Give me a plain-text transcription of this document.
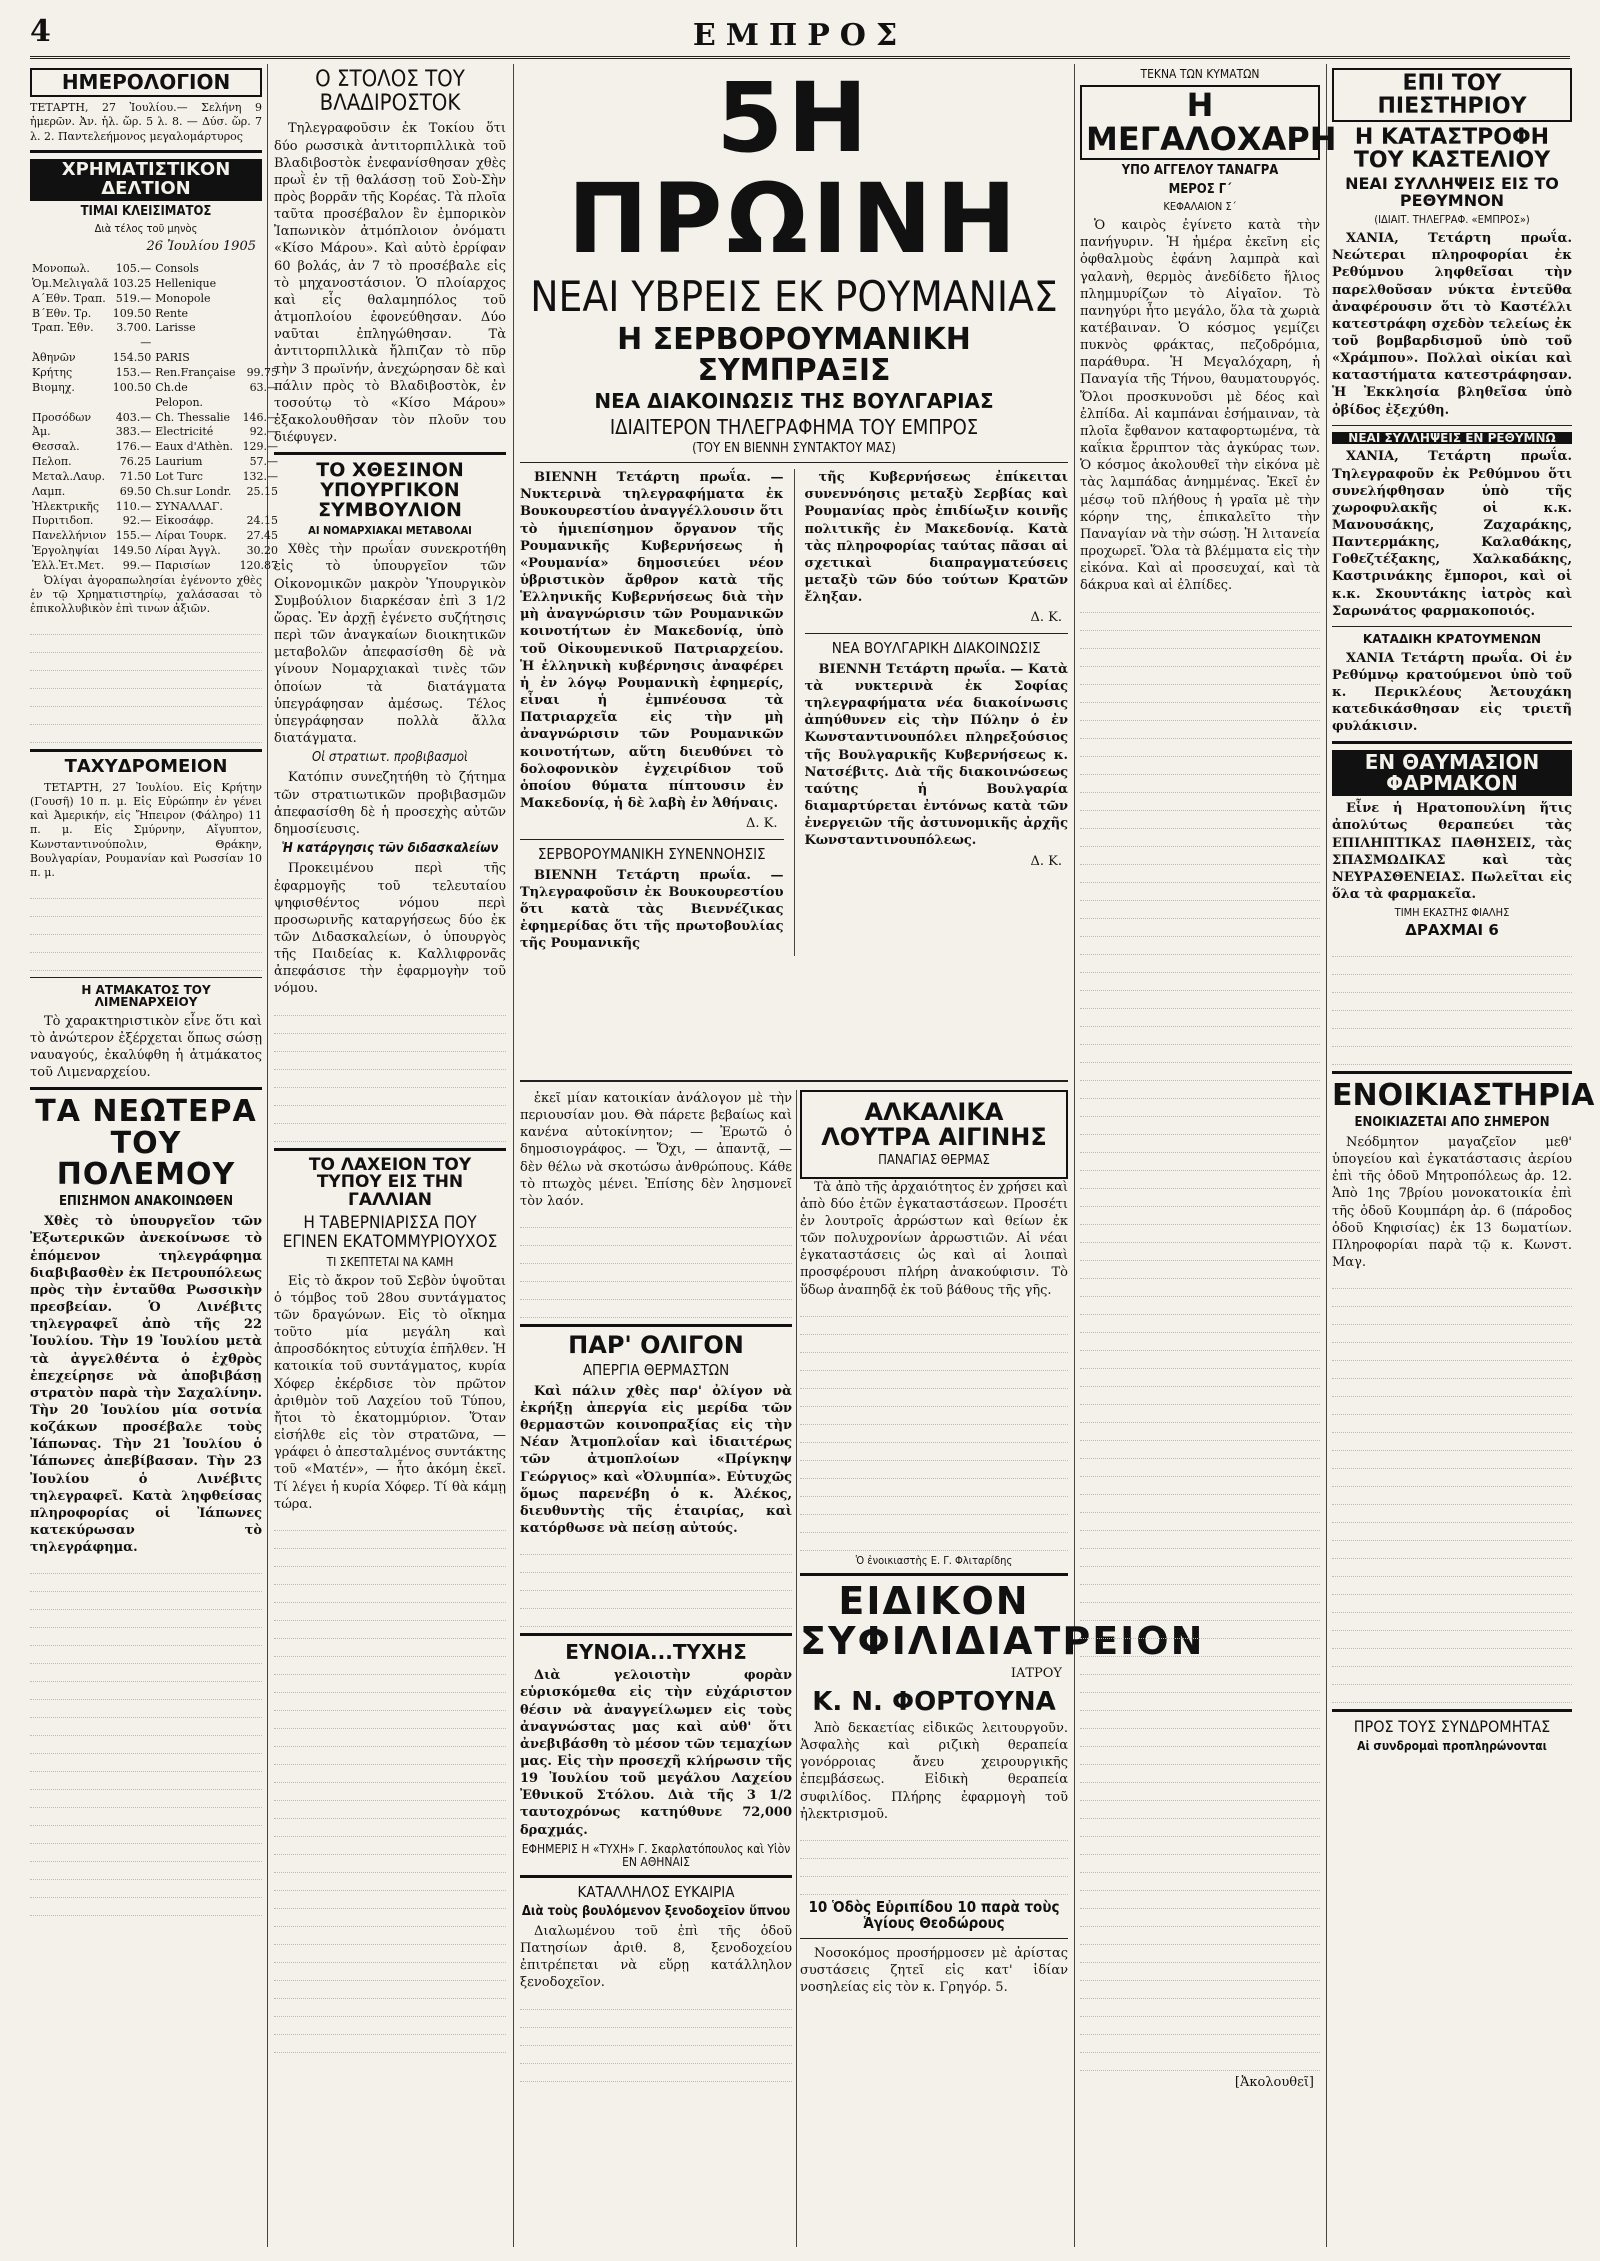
4	ΕΜΠΡΟΣ
ΗΜΕΡΟΛΟΓΙΟΝ
ΤΕΤΑΡΤΗ, 27 Ἰουλίου.— Σελήνη 9 ἡμερῶν. Ἀν. ἡλ. ὥρ. 5 λ. 8. — Δύσ. ὥρ. 7 λ. 2. Παντελεήμονος μεγαλομάρτυρος
ΧΡΗΜΑΤΙΣΤΙΚΟΝ ΔΕΛΤΙΟΝ
ΤΙΜΑΙ ΚΛΕΙΣΙΜΑΤΟΣ
Διὰ τέλος τοῦ μηνὸς
26 Ἰουλίου 1905
Μονοπωλ.	105.—	Consols	
Ὁμ.Μελιγαλᾶ	103.25	Hellenique	
Α΄Εθν. Τραπ.	519.—	Monopole	
Β΄Εθν. Τρ.	109.50	Rente	
Τραπ. Ἐθν.	3.700.—	Larisse	
Ἀθηνῶν	154.50	PARIS	
Κρήτης	153.—	Ren.Française	99.75
Βιομηχ.	100.50	Ch.de Pelopon.	63.—
Προσόδων	403.—	Ch. Thessalie	146.—
Ἀμ.	383.—	Electricité	92.—
Θεσσαλ.	176.—	Eaux d'Athèn.	129.—
Πελοπ.	76.25	Laurium	57.—
Μεταλ.Λαυρ.	71.50	Lot Turc	132.—
Λαμπ.	69.50	Ch.sur Londr.	25.15
Ἠλεκτρικῆς	110.—	ΣΥΝΑΛΛΑΓ.	
Πυριτιδοπ.	92.—	Εἰκοσάφρ.	24.15
Πανελλήνιον	155.—	Λίραι Τουρκ.	27.45
Ἐργοληψίαι	149.50	Λίραι Ἀγγλ.	30.20
Ἑλλ.Ἐτ.Μετ.	99.—	Παρισίων	120.87
Ὀλίγαι ἀγοραπωλησίαι ἐγένοντο χθὲς ἐν τῷ Χρηματιστηρίῳ, χαλάσασαι τὸ ἐπικολλυβικὸν ἐπὶ τινων ἀξιῶν.
ΤΑΧΥΔΡΟΜΕΙΟΝ
ΤΕΤΑΡΤΗ, 27 Ἰουλίου. Εἰς Κρήτην (Γουσῆ) 10 π. μ. Εἰς Εὐρώπην ἐν γένει καὶ Ἀμερικήν, εἰς Ἤπειρον (Φάληρο) 11 π. μ. Εἰς Σμύρνην, Αἴγυπτον, Κωνσταντινούπολιν, Θράκην, Βουλγαρίαν, Ρουμανίαν καὶ Ρωσσίαν 10 π. μ.
Η ΑΤΜΑΚΑΤΟΣ ΤΟΥ ΛΙΜΕΝΑΡΧΕΙΟΥ
Τὸ χαρακτηριστικὸν εἶνε ὅτι καὶ τὸ ἀνώτερον ἐξέρχεται ὅπως σώσῃ ναυαγούς, ἐκαλύφθη ἡ ἀτμάκατος τοῦ Λιμεναρχείου.
ΤΑ ΝΕΩΤΕΡΑ ΤΟΥ ΠΟΛΕΜΟΥ
ΕΠΙΣΗΜΟΝ ΑΝΑΚΟΙΝΩΘΕΝ
Χθὲς τὸ ὑπουργεῖον τῶν Ἐξωτερικῶν ἀνεκοίνωσε τὸ ἑπόμενον τηλεγράφημα διαβιβασθὲν ἐκ Πετρουπόλεως πρὸς τὴν ἐνταῦθα Ρωσσικὴν πρεσβείαν. Ὁ Λινέβιτς τηλεγραφεῖ ἀπὸ τῆς 22 Ἰουλίου. Τὴν 19 Ἰουλίου μετὰ τὰ ἀγγελθέντα ὁ ἐχθρὸς ἐπεχείρησε νὰ ἀποβιβάσῃ στρατὸν παρὰ τὴν Σαχαλίνην. Τὴν 20 Ἰουλίου μία σοτνία κοζάκων προσέβαλε τοὺς Ἰάπωνας. Τὴν 21 Ἰουλίου ὁ Ἰάπωνες ἀπεβίβασαν. Τὴν 23 Ἰουλίου ὁ Λινέβιτς τηλεγραφεῖ. Κατὰ ληφθείσας πληροφορίας οἱ Ἰάπωνες κατεκύρωσαν τὸ τηλεγράφημα.
Ο ΣΤΟΛΟΣ ΤΟΥ ΒΛΑΔΙΡΟΣΤΟΚ
Τηλεγραφοῦσιν ἐκ Τοκίου ὅτι δύο ρωσσικὰ ἀντιτορπιλλικὰ τοῦ Βλαδιβοστὸκ ἐνεφανίσθησαν χθὲς πρωῒ ἐν τῇ θαλάσσῃ τοῦ Σοὺ-Σὴν πρὸς βορρᾶν τῆς Κορέας. Τὰ πλοῖα ταῦτα προσέβαλον ἓν ἐμπορικὸν Ἰαπωνικὸν ἀτμόπλοιον ὀνόματι «Κίσο Μάρου». Καὶ αὐτὸ ἐρρίφαν 60 βολάς, ἀν 7 τὸ προσέβαλε εἰς τὸ μηχανοστάσιον. Ὁ πλοίαρχος καὶ εἷς θαλαμηπόλος τοῦ ἀτμοπλοίου ἐφονεύθησαν. Δύο ναῦται ἐπληγώθησαν. Τὰ ἀντιτορπιλλικὰ ἤλπιζαν τὸ πῦρ τὴν 3 πρωϊνήν, ἀνεχώρησαν δὲ καὶ πάλιν πρὸς τὸ Βλαδιβοστὸκ, ἐν τοσούτῳ τὸ «Κίσο Μάρου» ἐξακολουθῆσαν τὸν πλοῦν του διέφυγεν.
ΤΟ ΧΘΕΣΙΝΟΝ ΥΠΟΥΡΓΙΚΟΝ ΣΥΜΒΟΥΛΙΟΝ
ΑΙ ΝΟΜΑΡΧΙΑΚΑΙ ΜΕΤΑΒΟΛΑΙ
Χθὲς τὴν πρωΐαν συνεκροτήθη εἰς τὸ ὑπουργεῖον τῶν Οἰκονομικῶν μακρὸν Ὑπουργικὸν Συμβούλιον διαρκέσαν ἐπὶ 3 1/2 ὥρας. Ἐν ἀρχῇ ἐγένετο συζήτησις περὶ τῶν ἀναγκαίων διοικητικῶν μεταβολῶν ἀπεφασίσθη δὲ νὰ γίνουν Νομαρχιακαὶ τινὲς τῶν ὁποίων τὰ διατάγματα ὑπεγράφησαν ἀμέσως. Τέλος ὑπεγράφησαν πολλὰ ἄλλα διατάγματα.
Οἱ στρατιωτ. προβιβασμοὶ
Κατόπιν συνεζητήθη τὸ ζήτημα τῶν στρατιωτικῶν προβιβασμῶν ἀπεφασίσθη δὲ ἡ προσεχὴς αὐτῶν δημοσίευσις.
Ἡ κατάργησις τῶν διδασκαλείων
Προκειμένου περὶ τῆς ἐφαρμογῆς τοῦ τελευταίου ψηφισθέντος νόμου περὶ προσωρινῆς καταργήσεως δύο ἐκ τῶν Διδασκαλείων, ὁ ὑπουργὸς τῆς Παιδείας κ. Καλλιφρονᾶς ἀπεφάσισε τὴν ἐφαρμογὴν τοῦ νόμου.
ΤΟ ΛΑΧΕΙΟΝ ΤΟΥ ΤΥΠΟΥ ΕΙΣ ΤΗΝ ΓΑΛΛΙΑΝ
Η ΤΑΒΕΡΝΙΑΡΙΣΣΑ ΠΟΥ ΕΓΙΝΕΝ ΕΚΑΤΟΜΜΥΡΙΟΥΧΟΣ
ΤΙ ΣΚΕΠΤΕΤΑΙ ΝΑ ΚΑΜΗ
Εἰς τὸ ἄκρον τοῦ Σεβὸν ὑψοῦται ὁ τόμβος τοῦ 28ου συντάγματος τῶν δραγώνων. Εἰς τὸ οἴκημα τοῦτο μία μεγάλη καὶ ἀπροσδόκητος εὐτυχία ἐπῆλθεν. Ἡ κατοικία τοῦ συντάγματος, κυρία Χόφερ ἐκέρδισε τὸν πρῶτον ἀριθμὸν τοῦ Λαχείου τοῦ Τύπου, ἤτοι τὸ ἑκατομμύριον. Ὅταν εἰσήλθε εἰς τὸν στρατῶνα, — γράφει ὁ ἀπεσταλμένος συντάκτης τοῦ «Ματέν», — ἦτο ἀκόμη ἐκεῖ. Τί λέγει ἡ κυρία Χόφερ. Τί θὰ κάμῃ τώρα.
5Η ΠΡΩΙΝΗ
ΝΕΑΙ ΥΒΡΕΙΣ ΕΚ ΡΟΥΜΑΝΙΑΣ
Η ΣΕΡΒΟΡΟΥΜΑΝΙΚΗ ΣΥΜΠΡΑΞΙΣ
ΝΕΑ ΔΙΑΚΟΙΝΩΣΙΣ ΤΗΣ ΒΟΥΛΓΑΡΙΑΣ
ΙΔΙΑΙΤΕΡΟΝ ΤΗΛΕΓΡΑΦΗΜΑ ΤΟΥ ΕΜΠΡΟΣ
(ΤΟΥ ΕΝ ΒΙΕΝΝΗ ΣΥΝΤΑΚΤΟΥ ΜΑΣ)
ΒΙΕΝΝΗ Τετάρτη πρωΐα. — Νυκτερινὰ τηλεγραφήματα ἐκ Βουκουρεστίου ἀναγγέλλουσιν ὅτι τὸ ἡμιεπίσημον ὄργανον τῆς Ρουμανικῆς Κυβερνήσεως ἡ «Ρουμανία» δημοσιεύει νέον ὑβριστικὸν ἄρθρον κατὰ τῆς Ἑλληνικῆς Κυβερνήσεως διὰ τὴν μὴ ἀναγνώρισιν τῶν Ρουμανικῶν κοινοτήτων ἐν Μακεδονίᾳ, ὑπὸ τοῦ Οἰκουμενικοῦ Πατριαρχείου. Ἡ ἑλληνικὴ κυβέρνησις ἀναφέρει ἡ ἐν λόγῳ Ρουμανικὴ ἐφημερίς, εἶναι ἡ ἐμπνέουσα τὰ Πατριαρχεῖα εἰς τὴν μὴ ἀναγνώρισιν τῶν Ρουμανικῶν κοινοτήτων, αὕτη διευθύνει τὸ δολοφονικὸν ἐγχειρίδιον τοῦ ὁποίου θύματα πίπτουσιν ἐν Μακεδονίᾳ, ἡ δὲ λαβὴ ἐν Ἀθήναις.
Δ. Κ.
ΣΕΡΒΟΡΟΥΜΑΝΙΚΗ ΣΥΝΕΝΝΟΗΣΙΣ
ΒΙΕΝΝΗ Τετάρτη πρωΐα. — Τηλεγραφοῦσιν ἐκ Βουκουρεστίου ὅτι κατὰ τὰς Βιεννέζικας ἐφημερίδας ὅτι τῆς πρωτοβουλίας τῆς Ρουμανικῆς
τῆς Κυβερνήσεως ἐπίκειται συνεννόησις μεταξὺ Σερβίας καὶ Ρουμανίας πρὸς ἐπιδίωξιν κοινῆς πολιτικῆς ἐν Μακεδονίᾳ. Κατὰ τὰς πληροφορίας ταύτας πᾶσαι αἱ σχετικαὶ διαπραγματεύσεις μεταξὺ τῶν δύο τούτων Κρατῶν ἔληξαν.
Δ. Κ.
ΝΕΑ ΒΟΥΛΓΑΡΙΚΗ ΔΙΑΚΟΙΝΩΣΙΣ
ΒΙΕΝΝΗ Τετάρτη πρωΐα. — Κατὰ τὰ νυκτερινὰ ἐκ Σοφίας τηλεγραφήματα νέα διακοίνωσις ἀπηύθυνεν εἰς τὴν Πύλην ὁ ἐν Κωνσταντινουπόλει πληρεξούσιος τῆς Βουλγαρικῆς Κυβερνήσεως κ. Νατσέβιτς. Διὰ τῆς διακοινώσεως ταύτης ἡ Βουλγαρία διαμαρτύρεται ἐντόνως κατὰ τῶν ἐνεργειῶν τῆς ἀστυνομικῆς ἀρχῆς Κωνσταντινουπόλεως.
Δ. Κ.
ἐκεῖ μίαν κατοικίαν ἀνάλογον μὲ τὴν περιουσίαν μου. Θὰ πάρετε βεβαίως καὶ κανένα αὐτοκίνητον; — Ἐρωτῶ ὁ δημοσιογράφος. — Ὄχι, — ἀπαντᾷ, — δὲν θέλω νὰ σκοτώσω ἀνθρώπους. Κάθε τὸ πτωχὸς μένει. Ἐπίσης δὲν λησμονεῖ τὸν λαόν.
ΠΑΡ' ΟΛΙΓΟΝ
ΑΠΕΡΓΙΑ ΘΕΡΜΑΣΤΩΝ
Καὶ πάλιν χθὲς παρ' ὀλίγον νὰ ἐκρήξῃ ἀπεργία εἰς μερίδα τῶν θερμαστῶν κοινοπραξίας εἰς τὴν Νέαν Ἀτμοπλοΐαν καὶ ἰδιαιτέρως τῶν ἀτμοπλοίων «Πρίγκηψ Γεώργιος» καὶ «Ὀλυμπία». Εὐτυχῶς ὅμως παρενέβη ὁ κ. Ἀλέκος, διευθυντὴς τῆς ἑταιρίας, καὶ κατόρθωσε νὰ πείσῃ αὐτούς.
ΕΥΝΟΙΑ...ΤΥΧΗΣ
Διὰ γελοιοτὴν φορὰν εὑρισκόμεθα εἰς τὴν εὐχάριστον θέσιν νὰ ἀναγγείλωμεν εἰς τοὺς ἀναγνώστας μας καὶ αὐθ' ὅτι ἀνεβιβάσθη τὸ μέσον τῶν τεμαχίων μας. Εἰς τὴν προσεχῆ κλήρωσιν τῆς 19 Ἰουλίου τοῦ μεγάλου Λαχείου Ἐθνικοῦ Στόλου. Διὰ τῆς 3 1/2 ταυτοχρόνως κατηύθυνε 72,000 δραχμάς.
ΕΦΗΜΕΡΙΣ Η «ΤΥΧΗ» Γ. Σκαρλατόπουλος καὶ Υἱὸν ΕΝ ΑΘΗΝΑΙΣ
ΚΑΤΑΛΛΗΛΟΣ ΕΥΚΑΙΡΙΑ
Διὰ τοὺς βουλόμενον ξενοδοχεῖον ὕπνου
Διαλωμένου τοῦ ἐπὶ τῆς ὁδοῦ Πατησίων ἀριθ. 8, ξενοδοχείου ἐπιτρέπεται νὰ εὕρῃ κατάλληλον ξενοδοχεῖον.
ΑΛΚΑΛΙΚΑ ΛΟΥΤΡΑ ΑΙΓΙΝΗΣ
ΠΑΝΑΓΙΑΣ ΘΕΡΜΑΣ
Τὰ ἀπὸ τῆς ἀρχαιότητος ἐν χρήσει καὶ ἀπὸ δύο ἐτῶν ἐγκαταστάσεων. Προσέτι ἐν λουτροῖς ἀρρώστων καὶ θείων ἐκ τῶν πολυχρονίων ἀρρωστιῶν. Αἱ νέαι ἐγκαταστάσεις ὡς καὶ αἱ λοιπαὶ προσφέρουσι πλήρη ἀνακούφισιν. Τὸ ὕδωρ ἀναπηδᾷ ἐκ τοῦ βάθους τῆς γῆς.
Ὁ ἐνοικιαστὴς Ε. Γ. Φλιταρίδης
ΕΙΔΙΚΟΝ ΣΥΦΙΛΙΔΙΑΤΡΕΙΟΝ
ΙΑΤΡΟΥ
Κ. Ν. ΦΟΡΤΟΥΝΑ
Ἀπὸ δεκαετίας εἰδικῶς λειτουργοῦν. Ἀσφαλὴς καὶ ριζικὴ θεραπεία γονόρροιας ἄνευ χειρουργικῆς ἐπεμβάσεως. Εἰδικὴ θεραπεία συφιλίδος. Πλήρης ἐφαρμογὴ τοῦ ἠλεκτρισμοῦ.
10 Ὁδὸς Εὐριπίδου 10 παρὰ τοὺς Ἁγίους Θεοδώρους
Νοσοκόμος προσήρμοσεν μὲ ἀρίστας συστάσεις ζητεῖ εἰς κατ' ἰδίαν νοσηλείας εἰς τὸν κ. Γρηγόρ. 5.
ΤΕΚΝΑ ΤΩΝ ΚΥΜΑΤΩΝ
Η ΜΕΓΑΛΟΧΑΡΗ
ΥΠΟ ΑΓΓΕΛΟΥ ΤΑΝΑΓΡΑ
ΜΕΡΟΣ Γ΄
ΚΕΦΑΛΑΙΟΝ Σ΄
Ὁ καιρὸς ἐγίνετο κατὰ τὴν πανήγυριν. Ἡ ἡμέρα ἐκεῖνη εἰς ὀφθαλμοὺς ἐφάνη λαμπρὰ καὶ γαλανὴ, θερμὸς ἀνεδίδετο ἥλιος πλημμυρίζων τὸ Αἰγαῖον. Τὸ πανηγύρι ἦτο μεγάλο, ὅλα τὰ χωριὰ κατέβαιναν. Ὁ κόσμος γεμίζει πυκνὸς φράκτας, πεζοδρόμια, παράθυρα. Ἡ Μεγαλόχαρη, ἡ Παναγία τῆς Τήνου, θαυματουργός. Ὅλοι προσκυνοῦσι μὲ δέος καὶ ἐλπίδα. Αἱ καμπάναι ἐσήμαιναν, τὰ πλοῖα ἔφθανον καταφορτωμένα, τὰ καΐκια ἔρριπτον τὰς ἀγκύρας των. Ὁ κόσμος ἀκολουθεῖ τὴν εἰκόνα μὲ τὰς λαμπάδας ἀνημμένας. Ἐκεῖ ἐν μέσῳ τοῦ πλήθους ἡ γραῖα μὲ τὴν κόρην της, ἐπικαλεῖτο τὴν Παναγίαν νὰ τὴν σώσῃ. Ἡ λιτανεία προχωρεῖ. Ὅλα τὰ βλέμματα εἰς τὴν εἰκόνα. Καὶ αἱ προσευχαί, καὶ τὰ δάκρυα καὶ αἱ ἐλπίδες.
[Ἀκολουθεῖ]
ΕΠΙ ΤΟΥ ΠΙΕΣΤΗΡΙΟΥ
Η ΚΑΤΑΣΤΡΟΦΗ ΤΟΥ ΚΑΣΤΕΛΙΟΥ
ΝΕΑΙ ΣΥΛΛΗΨΕΙΣ ΕΙΣ ΤΟ ΡΕΘΥΜΝΟΝ
(ΙΔΙΑΙΤ. ΤΗΛΕΓΡΑΦ. «ΕΜΠΡΟΣ»)
ΧΑΝΙΑ, Τετάρτη πρωΐα. Νεώτεραι πληροφορίαι ἐκ Ρεθύμνου ληφθεῖσαι τὴν παρελθοῦσαν νύκτα ἐντεῦθα ἀναφέρουσιν ὅτι τὸ Καστέλλι κατεστράφη σχεδὸν τελείως ἐκ τοῦ βομβαρδισμοῦ ὑπὸ τοῦ «Χράμπου». Πολλαὶ οἰκίαι καὶ καταστήματα κατεστράφησαν. Ἡ Ἐκκλησία βληθεῖσα ὑπὸ ὀβίδος ἐξεχύθη.
ΝΕΑΙ ΣΥΛΛΗΨΕΙΣ ΕΝ ΡΕΘΥΜΝΩ
ΧΑΝΙΑ, Τετάρτη πρωΐα. Τηλεγραφοῦν ἐκ Ρεθύμνου ὅτι συνελήφθησαν ὑπὸ τῆς χωροφυλακῆς οἱ κ.κ. Μανουσάκης, Ζαχαράκης, Παντερμάκης, Καλαθάκης, Γοθεζτέξακης, Χαλκαδάκης, Καστρινάκης ἔμποροι, καὶ οἱ κ.κ. Σκουντάκης ἰατρὸς καὶ Σαρωνάτος φαρμακοποιός.
ΚΑΤΑΔΙΚΗ ΚΡΑΤΟΥΜΕΝΩΝ
ΧΑΝΙΑ Τετάρτη πρωΐα. Οἱ ἐν Ρεθύμνῳ κρατούμενοι ὑπὸ τοῦ κ. Περικλέους Ἀετουχάκη κατεδικάσθησαν εἰς τριετῆ φυλάκισιν.
ΕΝ ΘΑΥΜΑΣΙΟΝ ΦΑΡΜΑΚΟΝ
Εἶνε ἡ Ηρατοπουλίνη ἥτις ἀπολύτως θεραπεύει τὰς ΕΠΙΛΗΠΤΙΚΑΣ ΠΑΘΗΣΕΙΣ, τὰς ΣΠΑΣΜΩΔΙΚΑΣ καὶ τὰς ΝΕΥΡΑΣΘΕΝΕΙΑΣ. Πωλεῖται εἰς ὅλα τὰ φαρμακεῖα.
ΤΙΜΗ ΕΚΑΣΤΗΣ ΦΙΑΛΗΣ
ΔΡΑΧΜΑΙ 6
ΕΝΟΙΚΙΑΣΤΗΡΙΑ
ΕΝΟΙΚΙΑΖΕΤΑΙ ΑΠΟ ΣΗΜΕΡΟΝ
Νεόδμητον μαγαζεῖον μεθ' ὑπογείου καὶ ἐγκατάστασις ἀερίου ἐπὶ τῆς ὁδοῦ Μητροπόλεως ἀρ. 12. Ἀπὸ 1ης 7βρίου μονοκατοικία ἐπὶ τῆς ὁδοῦ Κουμπάρη ἀρ. 6 (πάροδος ὁδοῦ Κηφισίας) ἐκ 13 δωματίων. Πληροφορίαι παρὰ τῷ κ. Κωνστ. Μαγ.
ΠΡΟΣ ΤΟΥΣ ΣΥΝΔΡΟΜΗΤΑΣ
Αἱ συνδρομαὶ προπληρώνονται
